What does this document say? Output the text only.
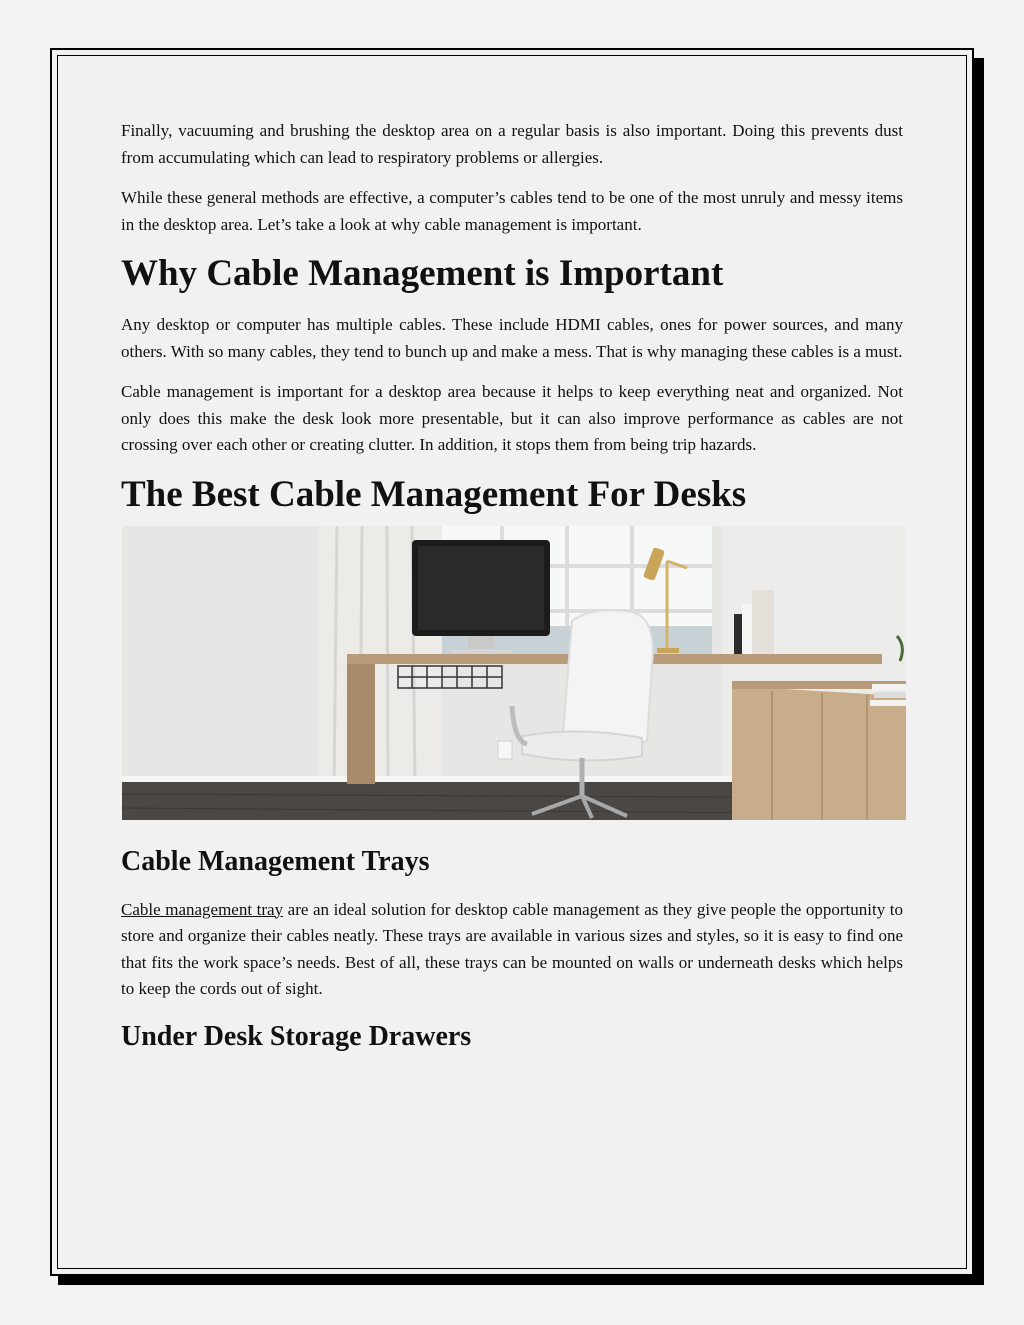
Finally, vacuuming and brushing the desktop area on a regular basis is also important. Doing this prevents dust from accumulating which can lead to respiratory problems or allergies.

While these general methods are effective, a computer’s cables tend to be one of the most unruly and messy items in the desktop area. Let’s take a look at why cable management is important.

Why Cable Management is Important

Any desktop or computer has multiple cables. These include HDMI cables, ones for power sources, and many others. With so many cables, they tend to bunch up and make a mess. That is why managing these cables is a must.

Cable management is important for a desktop area because it helps to keep everything neat and organized. Not only does this make the desk look more presentable, but it can also improve performance as cables are not crossing over each other or creating clutter. In addition, it stops them from being trip hazards.

The Best Cable Management For Desks
Cable Management Trays

Cable management tray are an ideal solution for desktop cable management as they give people the opportunity to store and organize their cables neatly. These trays are available in various sizes and styles, so it is easy to find one that fits the work space’s needs. Best of all, these trays can be mounted on walls or underneath desks which helps to keep the cords out of sight.

Under Desk Storage Drawers
